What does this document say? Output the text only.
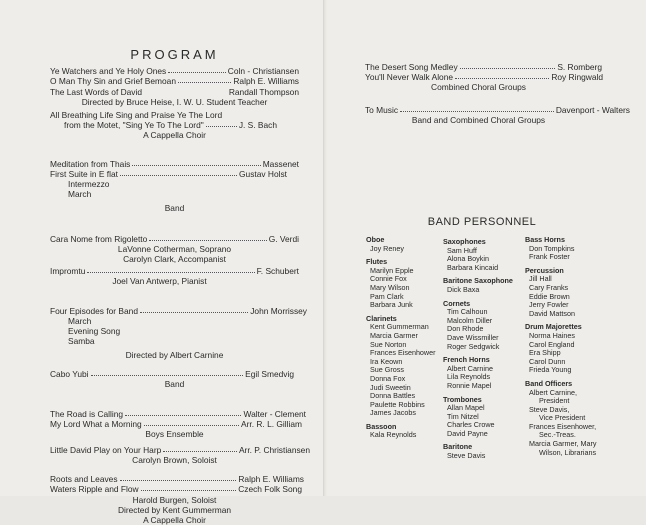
PROGRAM
Ye Watchers and Ye Holy Ones	Coln - Christiansen
O Man Thy Sin and Grief Bemoan	Ralph E. Williams
The Last Words of David	Randall Thompson
Directed by Bruce Heise, I. W. U. Student Teacher
All Breathing Life Sing and Praise Ye The Lord
from the Motet, "Sing Ye To The Lord"	J. S. Bach
A Cappella Choir
Meditation from Thais	Massenet
First Suite in E flat	Gustav Holst
Intermezzo
March
Band
Cara Nome from Rigoletto	G. Verdi
LaVonne Cotherman, Soprano
Carolyn Clark, Accompanist
Impromtu	F. Schubert
Joel Van Antwerp, Pianist
Four Episodes for Band	John Morrissey
March
Evening Song
Samba
Directed by Albert Carnine
Cabo Yubi	Egil Smedvig
Band
The Road is Calling	Walter - Clement
My Lord What a Morning	Arr. R. L. Gilliam
Boys Ensemble
Little David Play on Your Harp	Arr. P. Christiansen
Carolyn Brown, Soloist
Roots and Leaves	Ralph E. Williams
Waters Ripple and Flow	Czech Folk Song
Harold Burgen, Soloist
Directed by Kent Gummerman
A Cappella Choir
The Desert Song Medley	S. Romberg
You'll Never Walk Alone	Roy Ringwald
Combined Choral Groups
To Music	Davenport - Walters
Band and Combined Choral Groups
BAND PERSONNEL
Oboe
Joy Reney
Flutes
Marilyn Epple
Connie Fox
Mary Wilson
Pam Clark
Barbara Junk
Clarinets
Kent Gummerman
Marcia Garmer
Sue Norton
Frances Eisenhower
Ira Keown
Sue Gross
Donna Fox
Judi Sweetin
Donna Battles
Paulette Robbins
James Jacobs
Bassoon
Kala Reynolds
Saxophones
Sam Huff
Alona Boykin
Barbara Kincaid
Baritone Saxophone
Dick Baxa
Cornets
Tim Calhoun
Malcolm Diller
Don Rhode
Dave Wissmiller
Roger Sedgwick
French Horns
Albert Carnine
Lila Reynolds
Ronnie Mapel
Trombones
Allan Mapel
Tim Nitzel
Charles Crowe
David Payne
Baritone
Steve Davis
Bass Horns
Don Tompkins
Frank Foster
Percussion
Jill Hall
Cary Franks
Eddie Brown
Jerry Fowler
David Mattson
Drum Majorettes
Norma Haines
Carol England
Era Shipp
Carol Dunn
Frieda Young
Band Officers
Albert Carnine,
President
Steve Davis,
Vice President
Frances Eisenhower,
Sec.-Treas.
Marcia Garmer, Mary
Wilson, Librarians
